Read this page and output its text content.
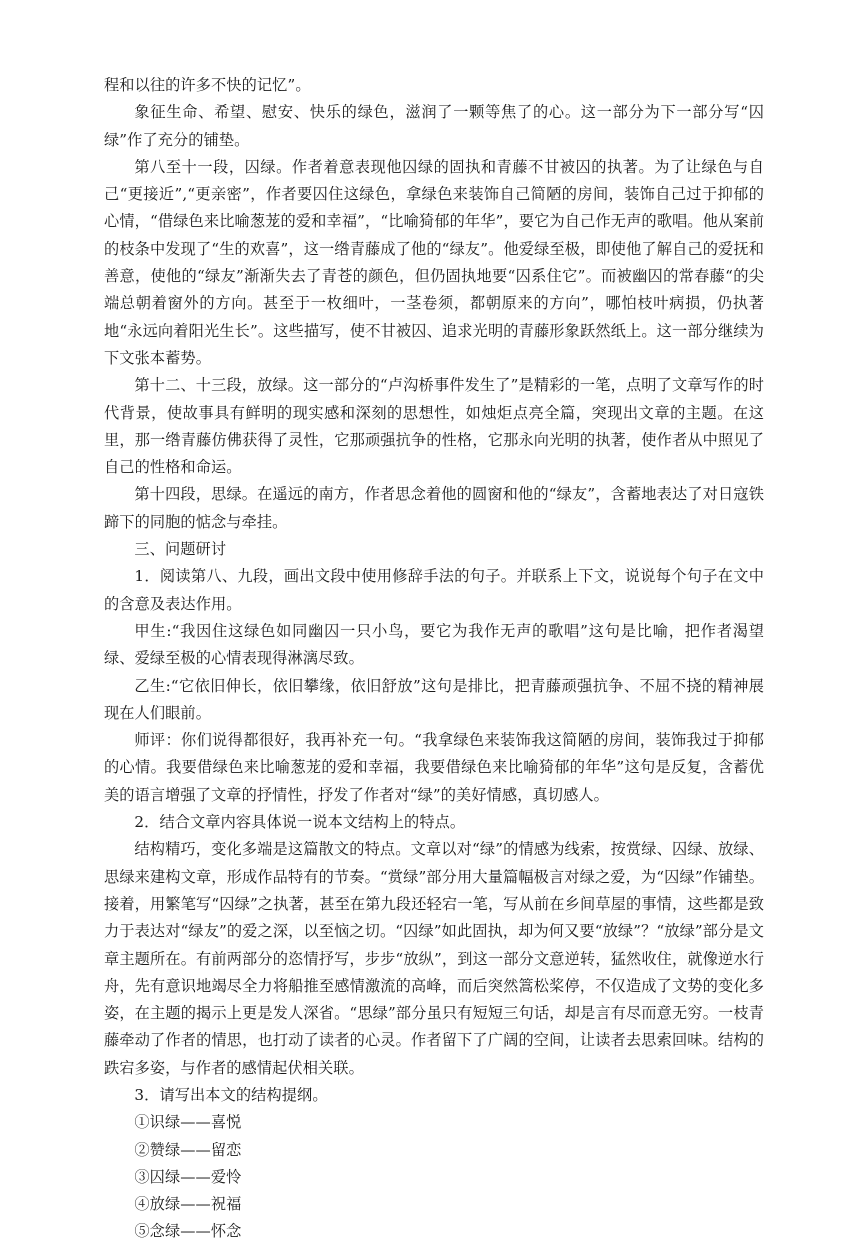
程和以往的许多不快的记忆”。

象征生命、希望、慰安、快乐的绿色，滋润了一颗等焦了的心。这一部分为下一部分写“囚绿”作了充分的铺垫。

第八至十一段，囚绿。作者着意表现他囚绿的固执和青藤不甘被囚的执著。为了让绿色与自己“更接近”,“更亲密”，作者要囚住这绿色，拿绿色来装饰自己简陋的房间，装饰自己过于抑郁的心情，“借绿色来比喻葱茏的爱和幸福”，“比喻猗郁的年华”，要它为自己作无声的歌唱。他从案前的枝条中发现了“生的欢喜”，这一绺青藤成了他的“绿友”。他爱绿至极，即使他了解自己的爱抚和善意，使他的“绿友”渐渐失去了青苍的颜色，但仍固执地要“囚系住它”。而被幽囚的常春藤“的尖端总朝着窗外的方向。甚至于一枚细叶，一茎卷须，都朝原来的方向”，哪怕枝叶病损，仍执著地“永远向着阳光生长”。这些描写，使不甘被囚、追求光明的青藤形象跃然纸上。这一部分继续为下文张本蓄势。

第十二、十三段，放绿。这一部分的“卢沟桥事件发生了”是精彩的一笔，点明了文章写作的时代背景，使故事具有鲜明的现实感和深刻的思想性，如烛炬点亮全篇，突现出文章的主题。在这里，那一绺青藤仿佛获得了灵性，它那顽强抗争的性格，它那永向光明的执著，使作者从中照见了自己的性格和命运。

第十四段，思绿。在遥远的南方，作者思念着他的圆窗和他的“绿友”，含蓄地表达了对日寇铁蹄下的同胞的惦念与牵挂。

三、问题研讨

1．阅读第八、九段，画出文段中使用修辞手法的句子。并联系上下文，说说每个句子在文中的含意及表达作用。

甲生:“我因住这绿色如同幽囚一只小鸟，要它为我作无声的歌唱”这句是比喻，把作者渴望绿、爱绿至极的心情表现得淋漓尽致。

乙生:“它依旧伸长，依旧攀缘，依旧舒放”这句是排比，把青藤顽强抗争、不屈不挠的精神展现在人们眼前。

师评：你们说得都很好，我再补充一句。“我拿绿色来装饰我这简陋的房间，装饰我过于抑郁的心情。我要借绿色来比喻葱茏的爱和幸福，我要借绿色来比喻猗郁的年华”这句是反复，含蓄优美的语言增强了文章的抒情性，抒发了作者对“绿”的美好情感，真切感人。

2．结合文章内容具体说一说本文结构上的特点。

结构精巧，变化多端是这篇散文的特点。文章以对“绿”的情感为线索，按赏绿、囚绿、放绿、思绿来建构文章，形成作品特有的节奏。“赏绿”部分用大量篇幅极言对绿之爱，为“囚绿”作铺垫。接着，用繁笔写“囚绿”之执著，甚至在第九段还轻宕一笔，写从前在乡间草屋的事情，这些都是致力于表达对“绿友”的爱之深，以至恼之切。“囚绿”如此固执，却为何又要“放绿”？“放绿”部分是文章主题所在。有前两部分的恣情抒写，步步“放纵”，到这一部分文意逆转，猛然收住，就像逆水行舟，先有意识地竭尽全力将船推至感情激流的高峰，而后突然篙松桨停，不仅造成了文势的变化多姿，在主题的揭示上更是发人深省。“思绿”部分虽只有短短三句话，却是言有尽而意无穷。一枝青藤牵动了作者的情思，也打动了读者的心灵。作者留下了广阔的空间，让读者去思索回味。结构的跌宕多姿，与作者的感情起伏相关联。

3．请写出本文的结构提纲。

①识绿——喜悦

②赞绿——留恋

③囚绿——爱怜

④放绿——祝福

⑤念绿——怀念
